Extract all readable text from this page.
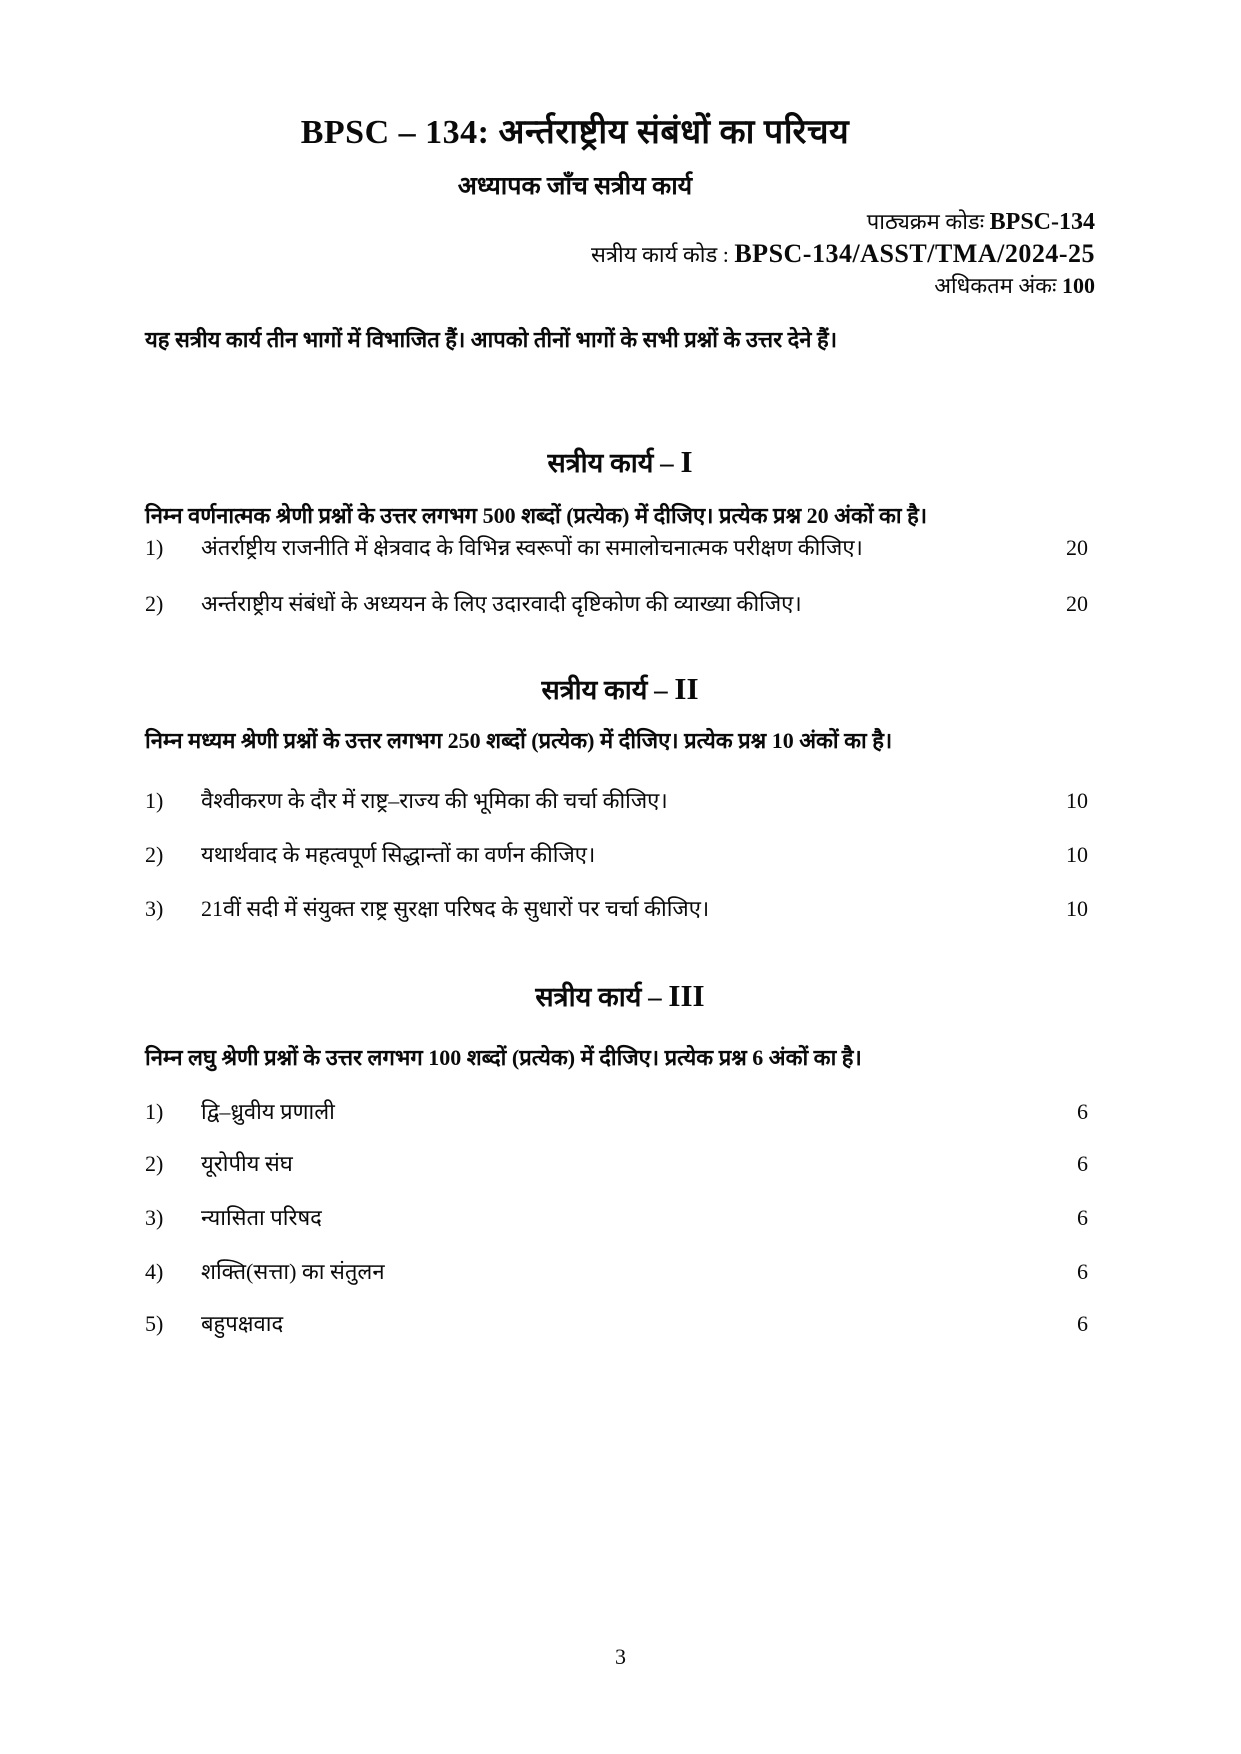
BPSC – 134: अर्न्तराष्ट्रीय संबंधों का परिचय
अध्यापक जाँच सत्रीय कार्य
पाठ्यक्रम कोडः BPSC-134
सत्रीय कार्य कोड : BPSC-134/ASST/TMA/2024-25
अधिकतम अंकः 100
यह सत्रीय कार्य तीन भागों में विभाजित हैं। आपको तीनों भागों के सभी प्रश्नों के उत्तर देने हैं।
सत्रीय कार्य – I
निम्न वर्णनात्मक श्रेणी प्रश्नों के उत्तर लगभग 500 शब्दों (प्रत्येक) में दीजिए। प्रत्येक प्रश्न 20 अंकों का है।
1)	अंतर्राष्ट्रीय राजनीति में क्षेत्रवाद के विभिन्न स्वरूपों का समालोचनात्मक परीक्षण कीजिए।	20
2)	अर्न्तराष्ट्रीय संबंधों के अध्ययन के लिए उदारवादी दृष्टिकोण की व्याख्या कीजिए।	20
सत्रीय कार्य – II
निम्न मध्यम श्रेणी प्रश्नों के उत्तर लगभग 250 शब्दों (प्रत्येक) में दीजिए। प्रत्येक प्रश्न 10 अंकों का है।
1)	वैश्वीकरण के दौर में राष्ट्र–राज्य की भूमिका की चर्चा कीजिए।	10
2)	यथार्थवाद के महत्वपूर्ण सिद्धान्तों का वर्णन कीजिए।	10
3)	21वीं सदी में संयुक्त राष्ट्र सुरक्षा परिषद के सुधारों पर चर्चा कीजिए।	10
सत्रीय कार्य – III
निम्न लघु श्रेणी प्रश्नों के उत्तर लगभग 100 शब्दों (प्रत्येक) में दीजिए। प्रत्येक प्रश्न 6 अंकों का है।
1)	द्वि–ध्रुवीय प्रणाली	6
2)	यूरोपीय संघ	6
3)	न्यासिता परिषद	6
4)	शक्ति(सत्ता) का संतुलन	6
5)	बहुपक्षवाद	6
3
